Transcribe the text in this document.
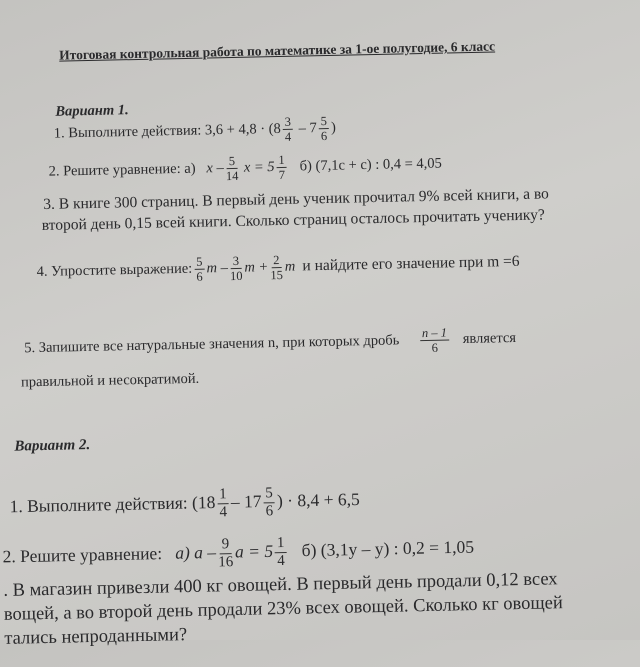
Итоговая контрольная работа по математике за 1-ое полугодие, 6 класс
Вариант 1.
1. Выполните действия: $3,6 + 4,8 \cdot (8 \frac{3}{4} - 7 \frac{5}{6}$ )
2. Решите уравнение: а) x – $\frac{5}{14}$ $x = 5 \frac{1}{7} б$) (7,1c + c) : 0,4 = 4,05
3. В книге 300 страниц. В первый день ученик прочитал 9% всей книги, а во
второй день 0,15 всей книги. Сколько страниц осталось прочитать ученику?
4. Упростите выражение: $\frac{5}{6}$ m – $\frac{3}{10}$ $m + \frac{2}{15}$ m и найдите его значение при m =6
5. Запишите все натуральные значения n, при которых дробь $\frac{n - 1}{6}$ является
правильной и несократимой.
Вариант 2.
1. Выполните действия: ($18 \frac{1}{4} - 17 \frac{5}{6}$ ) · 8,4 + 6,5
2. Решите уравнение: а) a – $\frac{9}{16}$ $a = 5 \frac{1}{4} б$) (3,1y – y) : 0,2 = 1,05
. В магазин привезли 400 кг овощей. В первый день продали 0,12 всех
вощей, а во второй день продали 23% всех овощей. Сколько кг овощей
тались непроданными?
